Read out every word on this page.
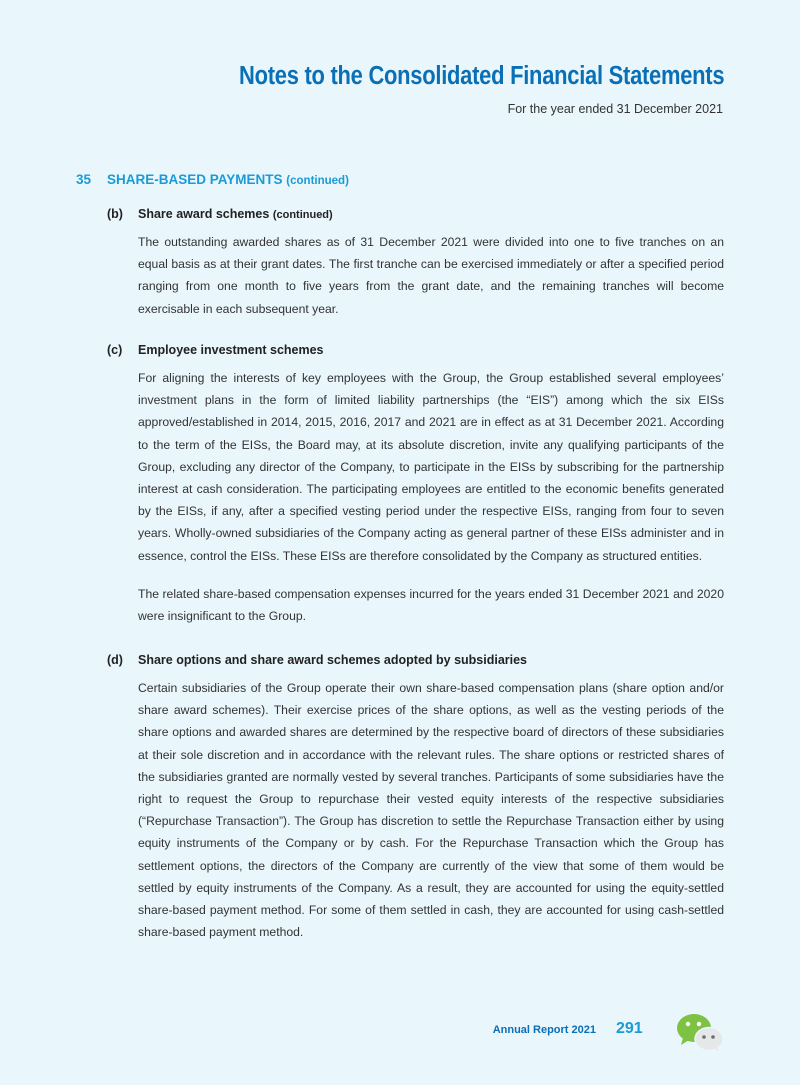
Notes to the Consolidated Financial Statements
For the year ended 31 December 2021
35 SHARE-BASED PAYMENTS (continued)
(b) Share award schemes (continued)

The outstanding awarded shares as of 31 December 2021 were divided into one to five tranches on an equal basis as at their grant dates. The first tranche can be exercised immediately or after a specified period ranging from one month to five years from the grant date, and the remaining tranches will become exercisable in each subsequent year.

(c) Employee investment schemes

For aligning the interests of key employees with the Group, the Group established several employees’ investment plans in the form of limited liability partnerships (the “EIS”) among which the six EISs approved/established in 2014, 2015, 2016, 2017 and 2021 are in effect as at 31 December 2021. According to the term of the EISs, the Board may, at its absolute discretion, invite any qualifying participants of the Group, excluding any director of the Company, to participate in the EISs by subscribing for the partnership interest at cash consideration. The participating employees are entitled to the economic benefits generated by the EISs, if any, after a specified vesting period under the respective EISs, ranging from four to seven years. Wholly-owned subsidiaries of the Company acting as general partner of these EISs administer and in essence, control the EISs. These EISs are therefore consolidated by the Company as structured entities.

The related share-based compensation expenses incurred for the years ended 31 December 2021 and 2020 were insignificant to the Group.

(d) Share options and share award schemes adopted by subsidiaries

Certain subsidiaries of the Group operate their own share-based compensation plans (share option and/or share award schemes). Their exercise prices of the share options, as well as the vesting periods of the share options and awarded shares are determined by the respective board of directors of these subsidiaries at their sole discretion and in accordance with the relevant rules. The share options or restricted shares of the subsidiaries granted are normally vested by several tranches. Participants of some subsidiaries have the right to request the Group to repurchase their vested equity interests of the respective subsidiaries (“Repurchase Transaction”). The Group has discretion to settle the Repurchase Transaction either by using equity instruments of the Company or by cash. For the Repurchase Transaction which the Group has settlement options, the directors of the Company are currently of the view that some of them would be settled by equity instruments of the Company. As a result, they are accounted for using the equity-settled share-based payment method. For some of them settled in cash, they are accounted for using cash-settled share-based payment method.

Annual Report 2021 291
